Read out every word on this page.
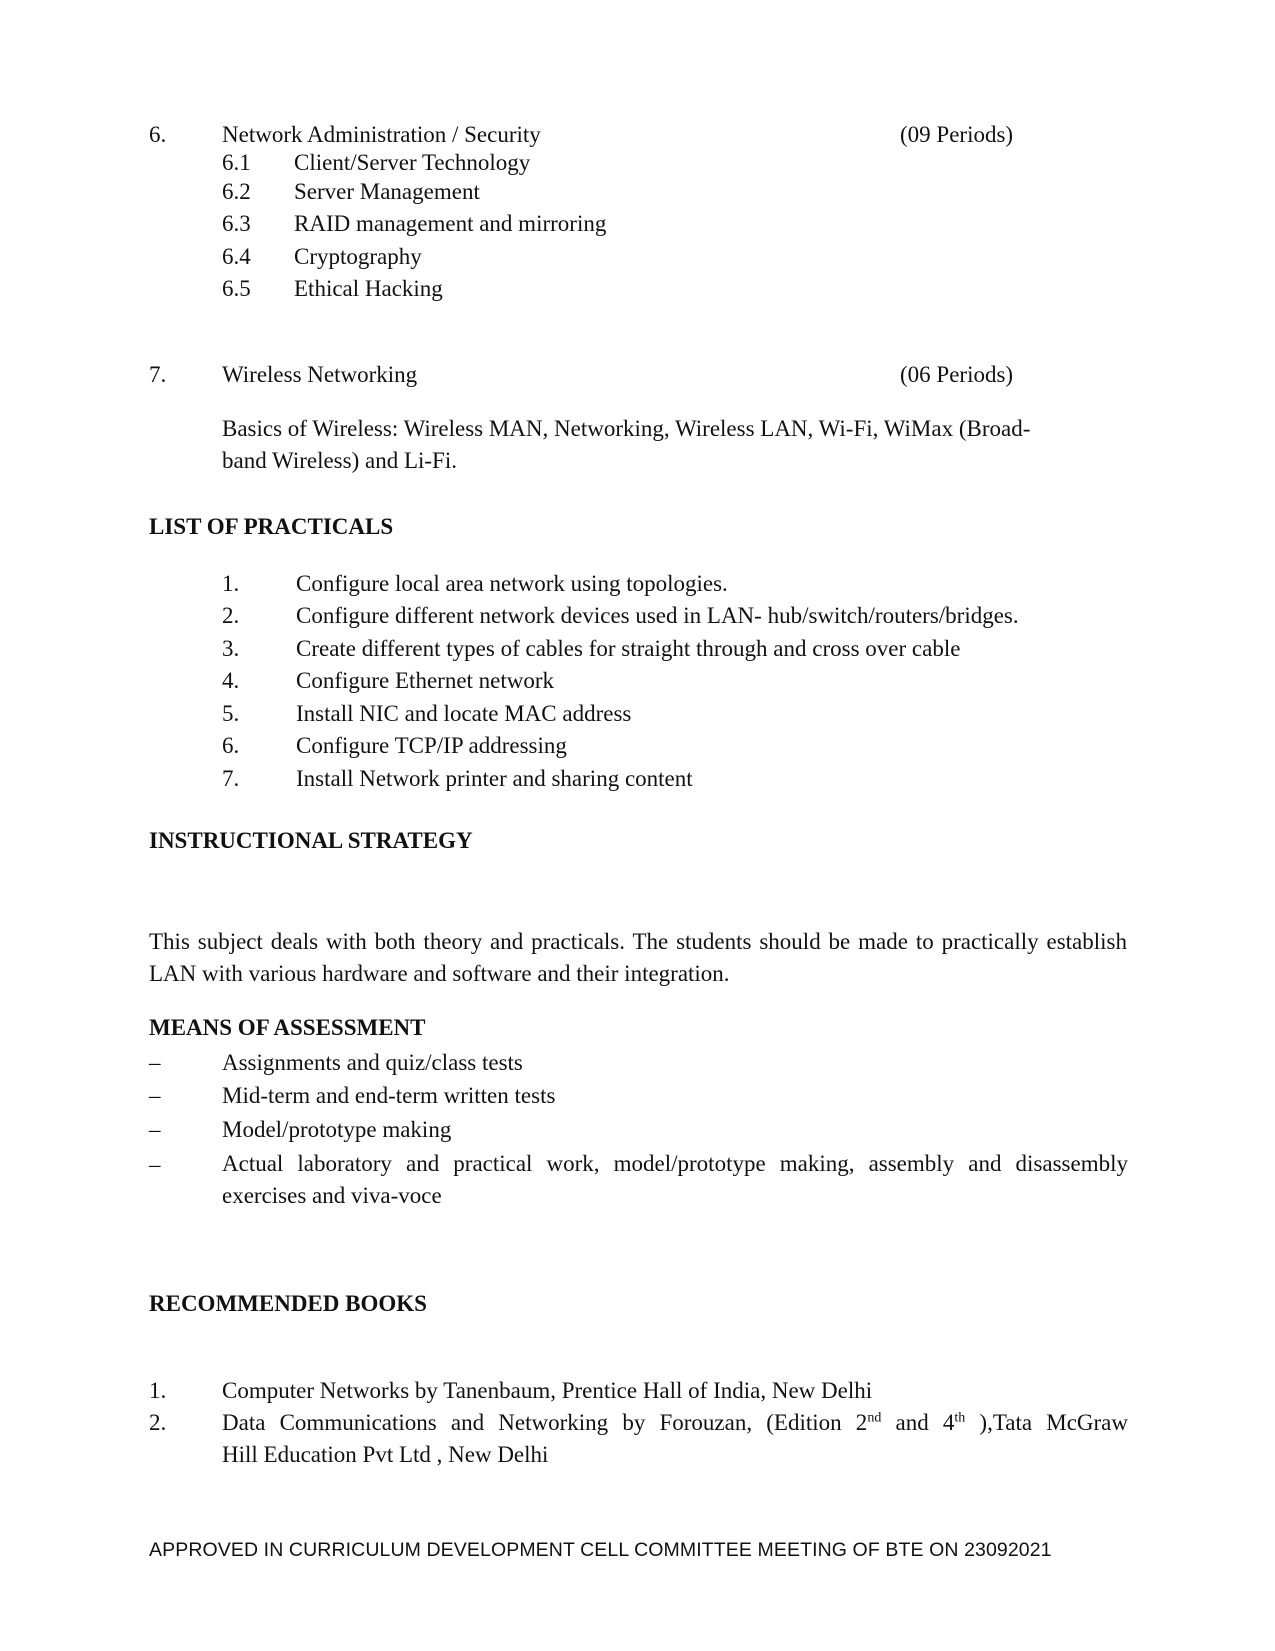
6. Network Administration / Security	(09 Periods)
6.1 Client/Server Technology
6.2 Server Management
6.3 RAID management and mirroring
6.4 Cryptography
6.5 Ethical Hacking
7. Wireless Networking	(06 Periods)
Basics of Wireless: Wireless MAN, Networking, Wireless LAN, Wi-Fi, WiMax (Broad-
band Wireless) and Li-Fi.
LIST OF PRACTICALS
1. Configure local area network using topologies.
2. Configure different network devices used in LAN- hub/switch/routers/bridges.
3. Create different types of cables for straight through and cross over cable
4. Configure Ethernet network
5. Install NIC and locate MAC address
6. Configure TCP/IP addressing
7. Install Network printer and sharing content
INSTRUCTIONAL STRATEGY
This subject deals with both theory and practicals. The students should be made to practically establish LAN with various hardware and software and their integration.
MEANS OF ASSESSMENT
–	Assignments and quiz/class tests
–	Mid-term and end-term written tests
–	Model/prototype making
–	Actual laboratory and practical work, model/prototype making, assembly and disassembly exercises and viva-voce
RECOMMENDED BOOKS
1. Computer Networks by Tanenbaum, Prentice Hall of India, New Delhi
2. Data Communications and Networking by Forouzan, (Edition 2nd and 4th ),Tata McGraw
Hill Education Pvt Ltd , New Delhi
APPROVED IN CURRICULUM DEVELOPMENT CELL COMMITTEE MEETING OF BTE ON 23092021
